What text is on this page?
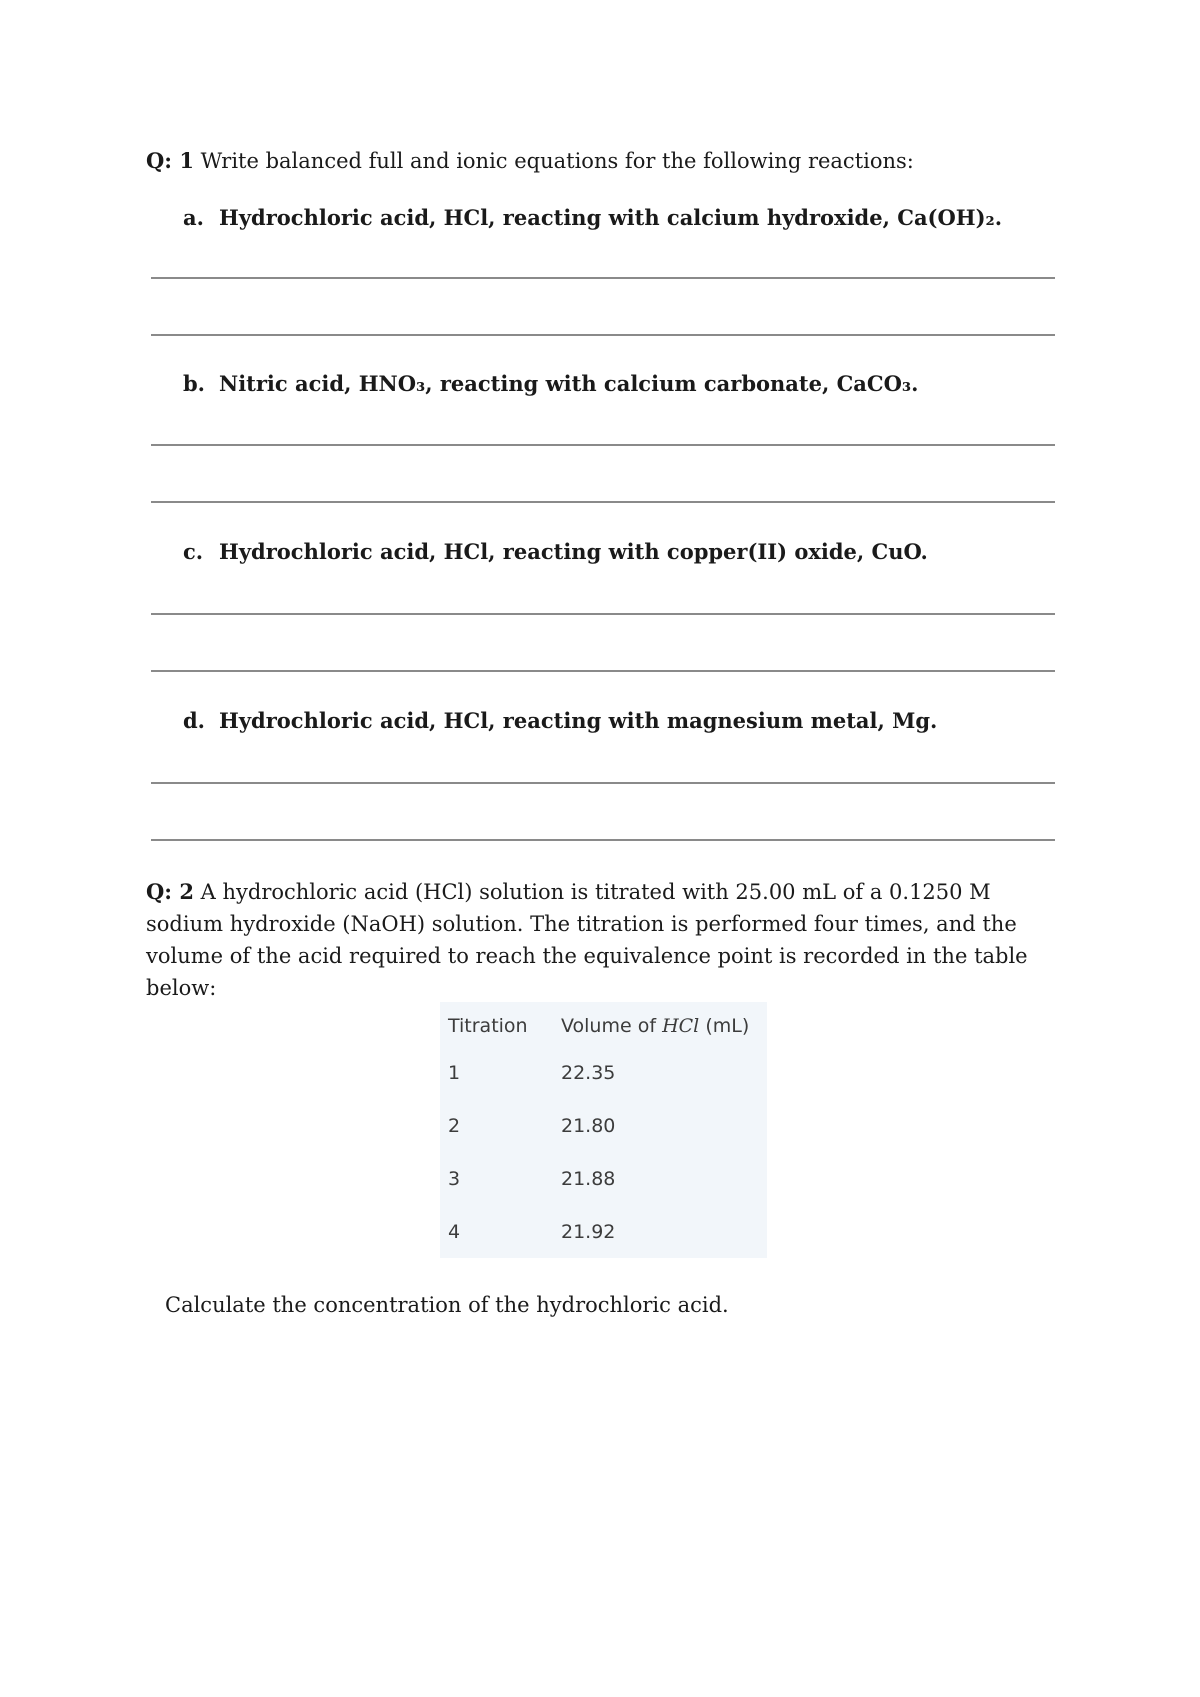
Q: 1 Write balanced full and ionic equations for the following reactions:
a. Hydrochloric acid, HCl, reacting with calcium hydroxide, Ca(OH)₂.
b. Nitric acid, HNO₃, reacting with calcium carbonate, CaCO₃.
c. Hydrochloric acid, HCl, reacting with copper(II) oxide, CuO.
d. Hydrochloric acid, HCl, reacting with magnesium metal, Mg.
Q: 2 A hydrochloric acid (HCl) solution is titrated with 25.00 mL of a 0.1250 M sodium hydroxide (NaOH) solution. The titration is performed four times, and the volume of the acid required to reach the equivalence point is recorded in the table below:
Titration	Volume of HCl (mL)
1	22.35
2	21.80
3	21.88
4	21.92
Calculate the concentration of the hydrochloric acid.
